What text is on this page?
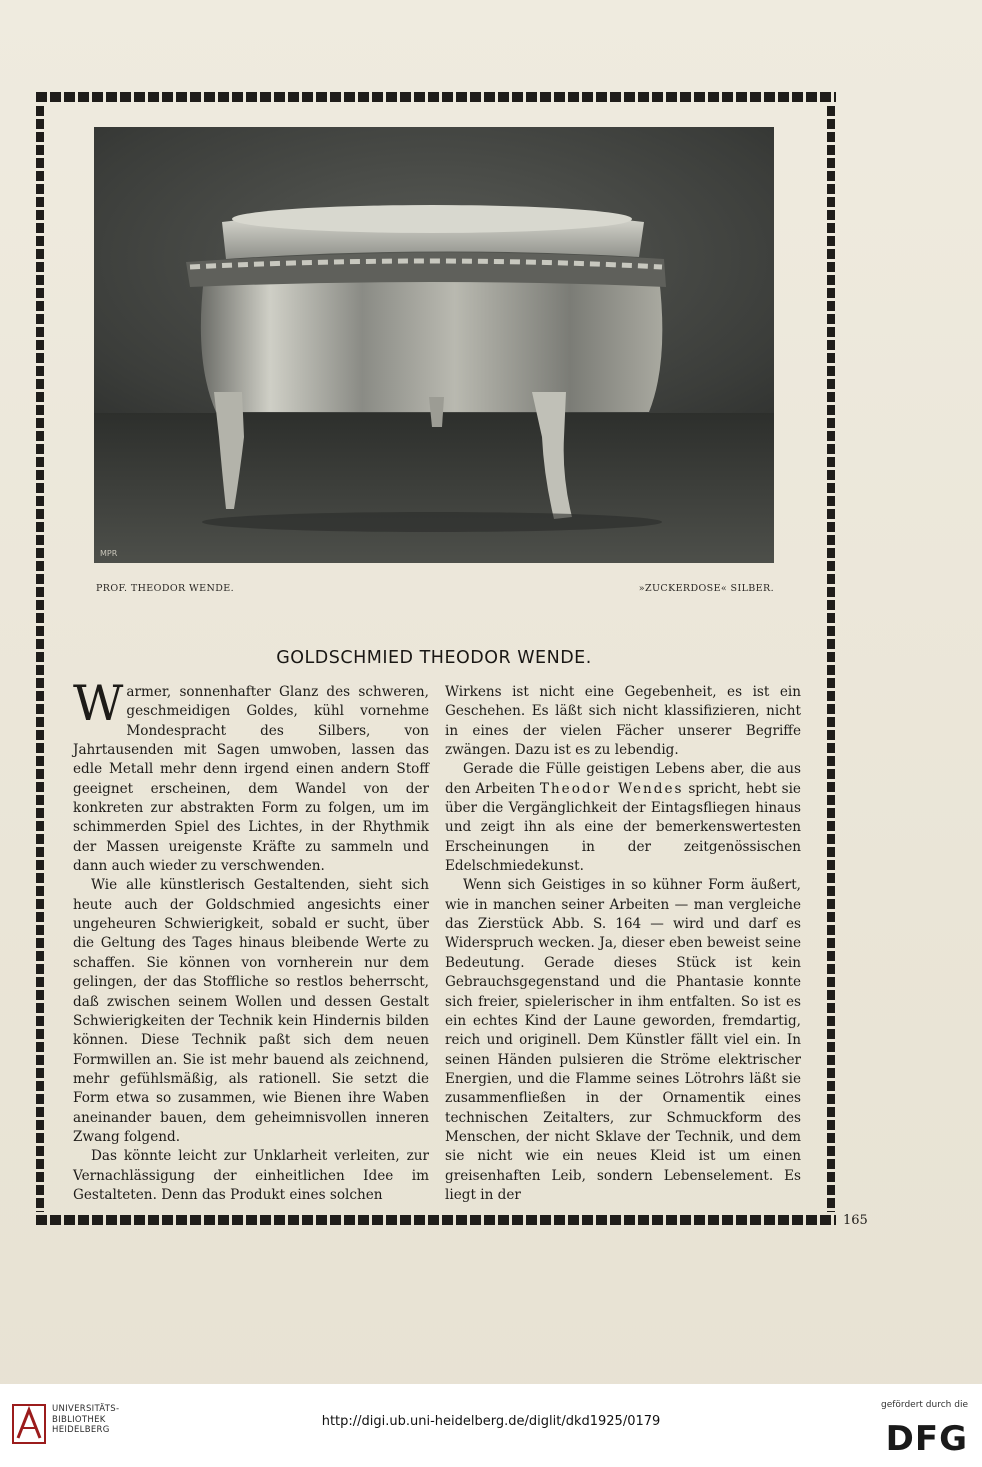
MPR
PROF. THEODOR WENDE.	»ZUCKERDOSE« SILBER.
GOLDSCHMIED THEODOR WENDE.

Warmer, sonnenhafter Glanz des schweren, geschmeidigen Goldes, kühl vornehme Mondespracht des Silbers, von Jahrtausenden mit Sagen umwoben, lassen das edle Metall mehr denn irgend einen andern Stoff geeignet erscheinen, dem Wandel von der konkreten zur abstrakten Form zu folgen, um im schimmerden Spiel des Lichtes, in der Rhythmik der Massen ureigenste Kräfte zu sammeln und dann auch wieder zu verschwenden.

Wie alle künstlerisch Gestaltenden, sieht sich heute auch der Goldschmied angesichts einer ungeheuren Schwierigkeit, sobald er sucht, über die Geltung des Tages hinaus bleibende Werte zu schaffen. Sie können von vornherein nur dem gelingen, der das Stoffliche so restlos beherrscht, daß zwischen seinem Wollen und dessen Gestalt Schwierigkeiten der Technik kein Hindernis bilden können. Diese Technik paßt sich dem neuen Formwillen an. Sie ist mehr bauend als zeichnend, mehr gefühlsmäßig, als rationell. Sie setzt die Form etwa so zusammen, wie Bienen ihre Waben aneinander bauen, dem geheimnisvollen inneren Zwang folgend.

Das könnte leicht zur Unklarheit verleiten, zur Vernachlässigung der einheitlichen Idee im Gestalteten. Denn das Produkt eines solchen

Wirkens ist nicht eine Gegebenheit, es ist ein Geschehen. Es läßt sich nicht klassifizieren, nicht in eines der vielen Fächer unserer Begriffe zwängen. Dazu ist es zu lebendig.

Gerade die Fülle geistigen Lebens aber, die aus den Arbeiten Theodor Wendes spricht, hebt sie über die Vergänglichkeit der Eintagsfliegen hinaus und zeigt ihn als eine der bemerkenswertesten Erscheinungen in der zeitgenössischen Edelschmiedekunst.

Wenn sich Geistiges in so kühner Form äußert, wie in manchen seiner Arbeiten — man vergleiche das Zierstück Abb. S. 164 — wird und darf es Widerspruch wecken. Ja, dieser eben beweist seine Bedeutung. Gerade dieses Stück ist kein Gebrauchsgegenstand und die Phantasie konnte sich freier, spielerischer in ihm entfalten. So ist es ein echtes Kind der Laune geworden, fremdartig, reich und originell. Dem Künstler fällt viel ein. In seinen Händen pulsieren die Ströme elektrischer Energien, und die Flamme seines Lötrohrs läßt sie zusammenfließen in der Ornamentik eines technischen Zeitalters, zur Schmuckform des Menschen, der nicht Sklave der Technik, und dem sie nicht wie ein neues Kleid ist um einen greisenhaften Leib, sondern Lebenselement. Es liegt in der

165
UNIVERSITÄTS-
BIBLIOTHEK
HEIDELBERG
http://digi.ub.uni-heidelberg.de/diglit/dkd1925/0179
gefördert durch die
DFG
